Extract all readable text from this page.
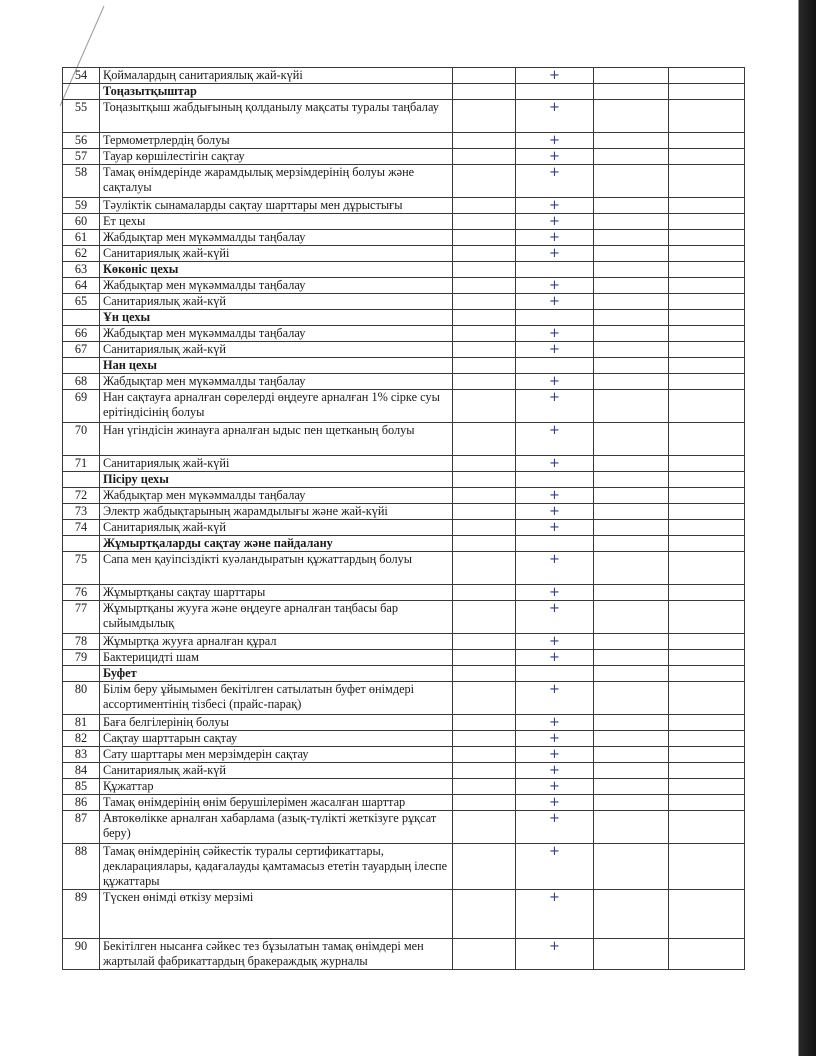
54	Қоймалардың санитариялық жай-күйі		+		
	Тоңазытқыштар				
55	Тоңазытқыш жабдығының қолданылу мақсаты туралы таңбалау		+		
56	Термометрлердің болуы		+		
57	Тауар көршілестігін сақтау		+		
58	Тамақ өнімдерінде жарамдылық мерзімдерінің болуы және сақталуы		+		
59	Тәуліктік сынамаларды сақтау шарттары мен дұрыстығы		+		
60	Ет цехы		+		
61	Жабдықтар мен мүкәммалды таңбалау		+		
62	Санитариялық жай-күйі		+		
63	Көкөніс цехы				
64	Жабдықтар мен мүкәммалды таңбалау		+		
65	Санитариялық жай-күй		+		
	Ұн цехы				
66	Жабдықтар мен мүкәммалды таңбалау		+		
67	Санитариялық жай-күй		+		
	Нан цехы				
68	Жабдықтар мен мүкәммалды таңбалау		+		
69	Нан сақтауға арналған сөрелерді өңдеуге арналған 1% сірке суы ерітіндісінің болуы		+		
70	Нан үгіндісін жинауға арналған ыдыс пен щетканың болуы		+		
71	Санитариялық жай-күйі		+		
	Пісіру цехы				
72	Жабдықтар мен мүкәммалды таңбалау		+		
73	Электр жабдықтарының жарамдылығы және жай-күйі		+		
74	Санитариялық жай-күй		+		
	Жұмыртқаларды сақтау және пайдалану				
75	Сапа мен қауіпсіздікті куәландыратын құжаттардың болуы		+		
76	Жұмыртқаны сақтау шарттары		+		
77	Жұмыртқаны жууға және өңдеуге арналған таңбасы бар сыйымдылық		+		
78	Жұмыртқа жууға арналған құрал		+		
79	Бактерицидті шам		+		
	Буфет				
80	Білім беру ұйымымен бекітілген сатылатын буфет өнімдері ассортиментінің тізбесі (прайс-парақ)		+		
81	Баға белгілерінің болуы		+		
82	Сақтау шарттарын сақтау		+		
83	Сату шарттары мен мерзімдерін сақтау		+		
84	Санитариялық жай-күй		+		
85	Құжаттар		+		
86	Тамақ өнімдерінің өнім берушілерімен жасалған шарттар		+		
87	Автокөлікке арналған хабарлама (азық-түлікті жеткізуге рұқсат беру)		+		
88	Тамақ өнімдерінің сәйкестік туралы сертификаттары, декларациялары, қадағалауды қамтамасыз ететін тауардың ілеспе құжаттары		+		
89	Түскен өнімді өткізу мерзімі		+		
90	Бекітілген нысанға сәйкес тез бұзылатын тамақ өнімдері мен жартылай фабрикаттардың бракераждық журналы		+		
